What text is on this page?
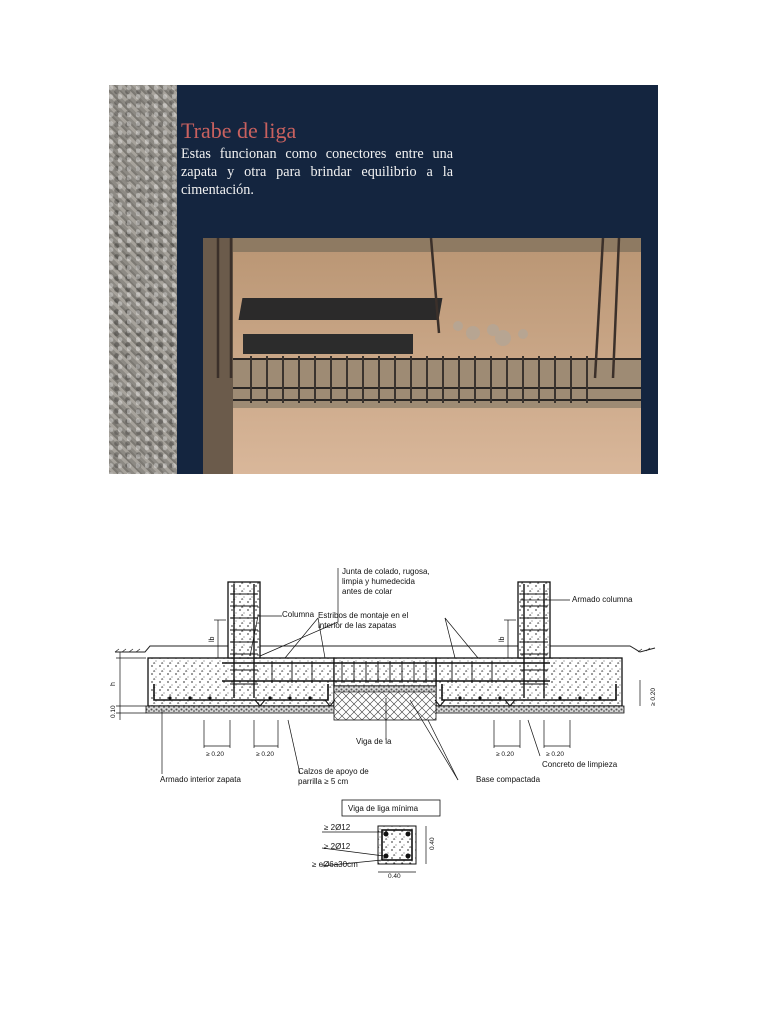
Trabe de liga

Estas funcionan como conectores entre una zapata y otra para brindar equilibrio a la cimentación.

Junta de colado, rugosa,
limpia y humedecida
antes de colar
Armado columna
Columna Estribos de montaje en el
interior de las zapatas
Viga de la
Concreto de limpieza
Armado interior zapata
Calzos de apoyo de
parrilla ≥ 5 cm	Base compactada
h
0.10
lb	lb
≥ 0.20
≥ 0.20	≥ 0.20	≥ 0.20	≥ 0.20
Viga de liga mínima
≥ 2Ø12
≥ 2Ø12
≥ eØ6a30cm
0.40
0.40
